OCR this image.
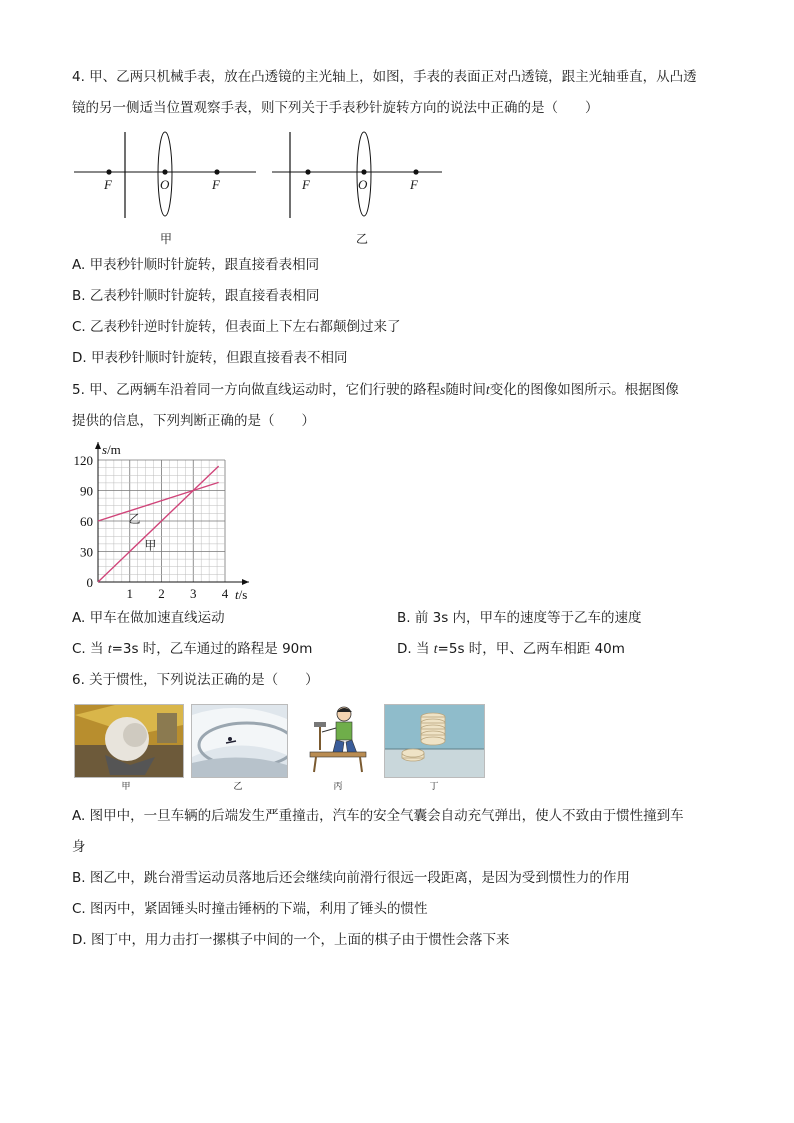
4. 甲、乙两只机械手表，放在凸透镜的主光轴上，如图，手表的表面正对凸透镜，跟主光轴垂直，从凸透
镜的另一侧适当位置观察手表，则下列关于手表秒针旋转方向的说法中正确的是（　　）
F	O	F
甲
F	O	F
乙
A. 甲表秒针顺时针旋转，跟直接看表相同
B. 乙表秒针顺时针旋转，跟直接看表相同
C. 乙表秒针逆时针旋转，但表面上下左右都颠倒过来了
D. 甲表秒针顺时针旋转，但跟直接看表不相同
5. 甲、乙两辆车沿着同一方向做直线运动时，它们行驶的路程s随时间t变化的图像如图所示。根据图像
提供的信息，下列判断正确的是（　　）
120
90
60
30
1 2 3 4
0
s/m
t/s
甲
乙
A. 甲车在做加速直线运动	B. 前 3s 内，甲车的速度等于乙车的速度
C. 当 t=3s 时，乙车通过的路程是 90m	D. 当 t=5s 时，甲、乙两车相距 40m
6. 关于惯性，下列说法正确的是（　　）
甲	乙	丙	丁
A. 图甲中，一旦车辆的后端发生严重撞击，汽车的安全气囊会自动充气弹出，使人不致由于惯性撞到车
身
B. 图乙中，跳台滑雪运动员落地后还会继续向前滑行很远一段距离，是因为受到惯性力的作用
C. 图丙中，紧固锤头时撞击锤柄的下端，利用了锤头的惯性
D. 图丁中，用力击打一摞棋子中间的一个，上面的棋子由于惯性会落下来
